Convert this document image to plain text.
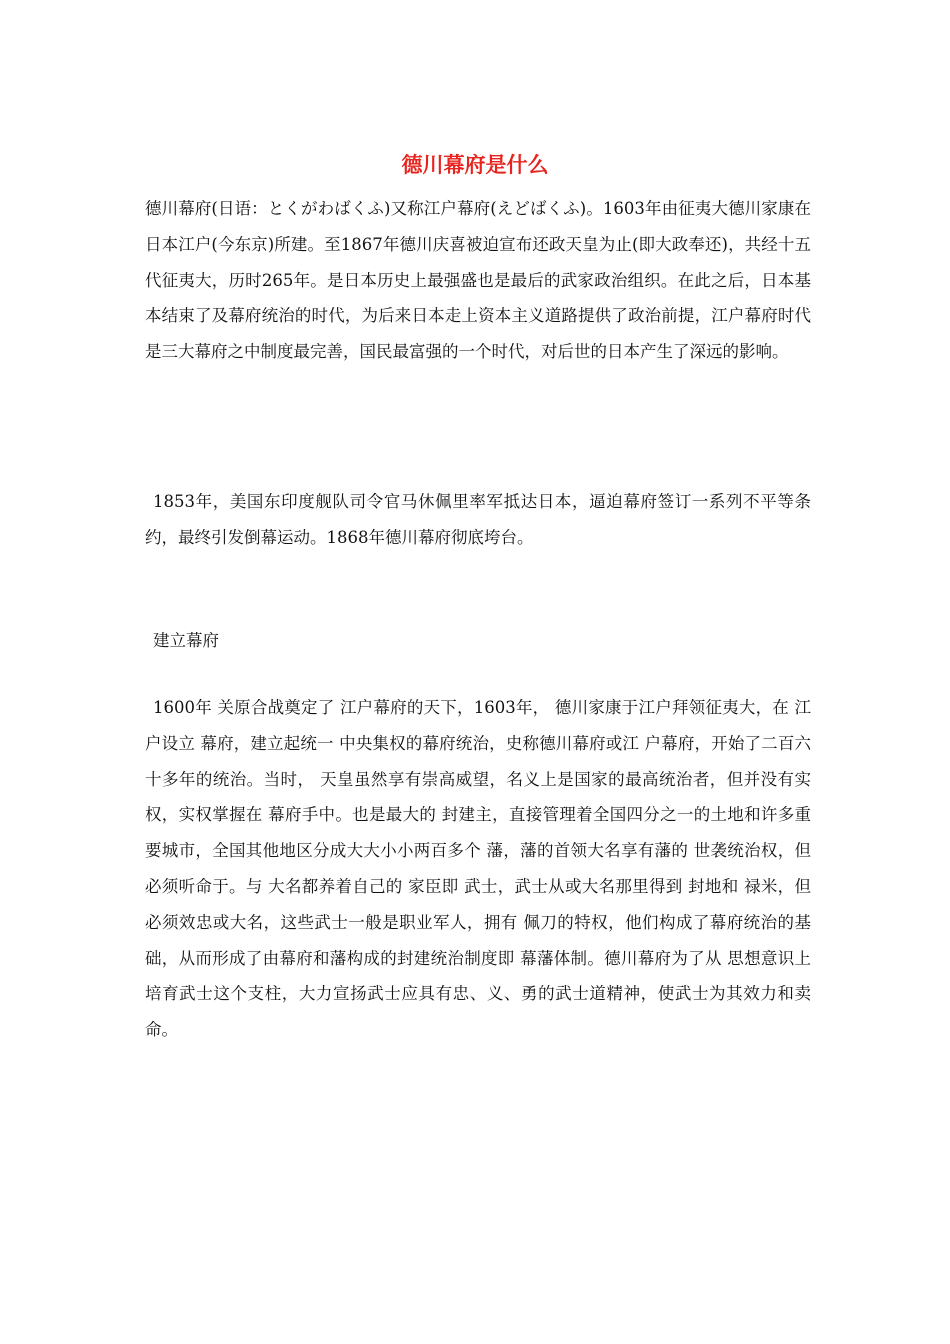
德川幕府是什么

德川幕府(日语：とくがわばくふ)又称江户幕府(えどばくふ)。1603年由征夷大德川家康在日本江户(今东京)所建。至1867年德川庆喜被迫宣布还政天皇为止(即大政奉还)，共经十五代征夷大，历时265年。是日本历史上最强盛也是最后的武家政治组织。在此之后，日本基本结束了及幕府统治的时代，为后来日本走上资本主义道路提供了政治前提，江户幕府时代是三大幕府之中制度最完善，国民最富强的一个时代，对后世的日本产生了深远的影响。

1853年，美国东印度舰队司令官马休佩里率军抵达日本，逼迫幕府签订一系列不平等条约，最终引发倒幕运动。1868年德川幕府彻底垮台。

建立幕府

1600年 关原合战奠定了 江户幕府的天下，1603年， 德川家康于江户拜领征夷大，在 江户设立 幕府，建立起统一 中央集权的幕府统治，史称德川幕府或江 户幕府，开始了二百六十多年的统治。当时， 天皇虽然享有崇高威望，名义上是国家的最高统治者，但并没有实权，实权掌握在 幕府手中。也是最大的 封建主，直接管理着全国四分之一的土地和许多重要城市，全国其他地区分成大大小小两百多个 藩，藩的首领大名享有藩的 世袭统治权，但必须听命于。与 大名都养着自己的 家臣即 武士，武士从或大名那里得到 封地和 禄米，但必须效忠或大名，这些武士一般是职业军人，拥有 佩刀的特权，他们构成了幕府统治的基础，从而形成了由幕府和藩构成的封建统治制度即 幕藩体制。德川幕府为了从 思想意识上培育武士这个支柱，大力宣扬武士应具有忠、义、勇的武士道精神，使武士为其效力和卖命。
